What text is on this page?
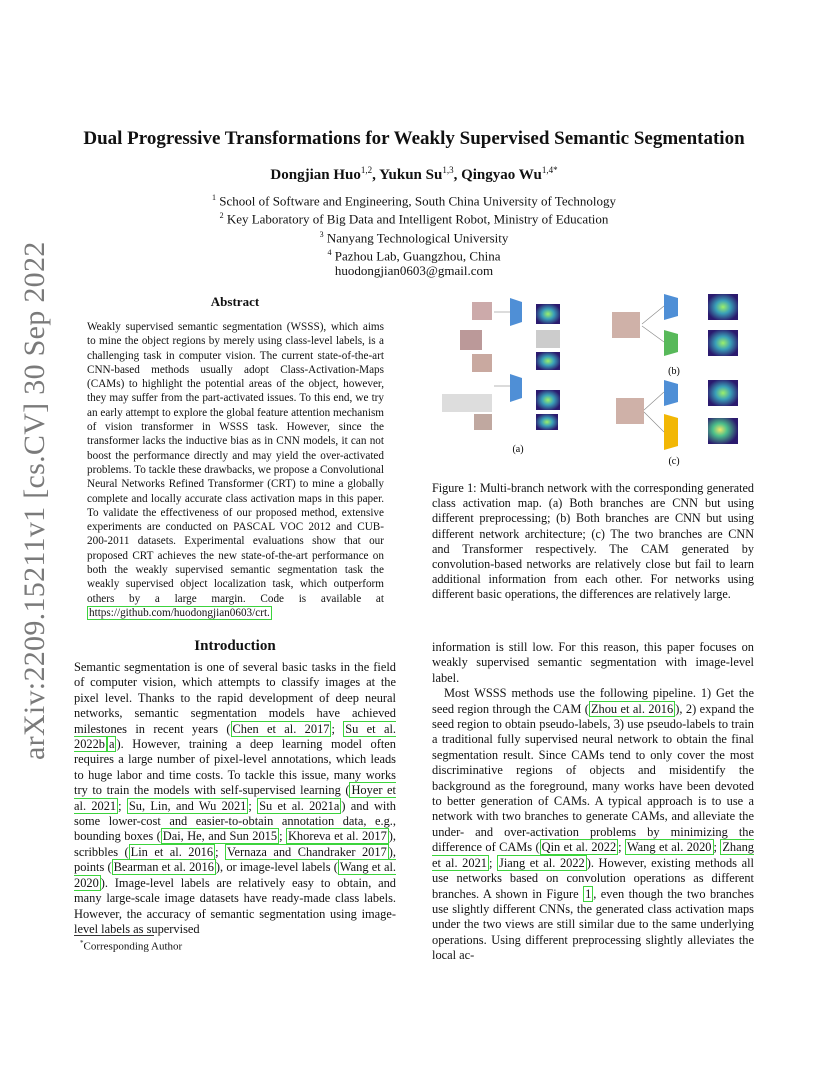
arXiv:2209.15211v1 [cs.CV] 30 Sep 2022
Dual Progressive Transformations for Weakly Supervised Semantic Segmentation
Dongjian Huo$^{1,2}$, Yukun Su$^{1,3}$, Qingyao $Wu^{1,4*}$
$^1$ School of Software and Engineering, South China University of Technology
$^2$ Key Laboratory of Big Data and Intelligent Robot, Ministry of Education
$^3$ Nanyang Technological University
$^4$ Pazhou Lab, Guangzhou, China
huodongjian0603@gmail.com
Abstract
Weakly supervised semantic segmentation (WSSS), which aims to mine the object regions by merely using class-level labels, is a challenging task in computer vision. The current state-of-the-art CNN-based methods usually adopt Class-Activation-Maps (CAMs) to highlight the potential areas of the object, however, they may suffer from the part-activated issues. To this end, we try an early attempt to explore the global feature attention mechanism of vision transformer in WSSS task. However, since the transformer lacks the inductive bias as in CNN models, it can not boost the performance directly and may yield the over-activated problems. To tackle these drawbacks, we propose a Convolutional Neural Networks Refined Transformer (CRT) to mine a globally complete and locally accurate class activation maps in this paper. To validate the effectiveness of our proposed method, extensive experiments are conducted on PASCAL VOC 2012 and CUB-200-2011 datasets. Experimental evaluations show that our proposed CRT achieves the new state-of-the-art performance on both the weakly supervised semantic segmentation task the weakly supervised object localization task, which outperform others by a large margin. Code is available at https://github.com/huodongjian0603/crt.
(a)
(b)
(c)
Figure 1: Multi-branch network with the corresponding generated class activation map. (a) Both branches are CNN but using different preprocessing; (b) Both branches are CNN but using different network architecture; (c) The two branches are CNN and Transformer respectively. The CAM generated by convolution-based networks are relatively close but fail to learn additional information from each other. For networks using different basic operations, the differences are relatively large.
Introduction
Semantic segmentation is one of several basic tasks in the field of computer vision, which attempts to classify images at the pixel level. Thanks to the rapid development of deep neural networks, semantic segmentation models have achieved milestones in recent years ( Chen et al. 2017 ; Su et al. 2022b a ). However, training a deep learning model often requires a large number of pixel-level annotations, which leads to huge labor and time costs. To tackle this issue, many works try to train the models with self-supervised learning ( Hoyer et al. 2021 ; Su, Lin, and Wu 2021 ; Su et al. 2021a ) and with some lower-cost and easier-to-obtain annotation data, e.g., bounding boxes ( Dai, He, and Sun 2015 ; Khoreva et al. 2017 ), scribbles ( Lin et al. 2016 ; Vernaza and Chandraker 2017 ), points ( Bearman et al. 2016 ), or image-level labels ( Wang et al. 2020 ). Image-level labels are relatively easy to obtain, and many large-scale image datasets have ready-made class labels. However, the accuracy of semantic segmentation using image-level labels as supervised

information is still low. For this reason, this paper focuses on weakly supervised semantic segmentation with image-level label.

Most WSSS methods use the following pipeline. 1) Get the seed region through the CAM ( Zhou et al. 2016 ), 2) expand the seed region to obtain pseudo-labels, 3) use pseudo-labels to train a traditional fully supervised neural network to obtain the final segmentation result. Since CAMs tend to only cover the most discriminative regions of objects and misidentify the background as the foreground, many works have been devoted to better generation of CAMs. A typical approach is to use a network with two branches to generate CAMs, and alleviate the under- and over-activation problems by minimizing the difference of CAMs ( Qin et al. 2022 ; Wang et al. 2020 ; Zhang et al. 2021 ; Jiang et al. 2022 ). However, existing methods all use networks based on convolution operations as different branches. A shown in Figure 1 , even though the two branches use slightly different CNNs, the generated class activation maps under the two views are still similar due to the same underlying operations. Using different preprocessing slightly alleviates the local ac-

*Corresponding Author
